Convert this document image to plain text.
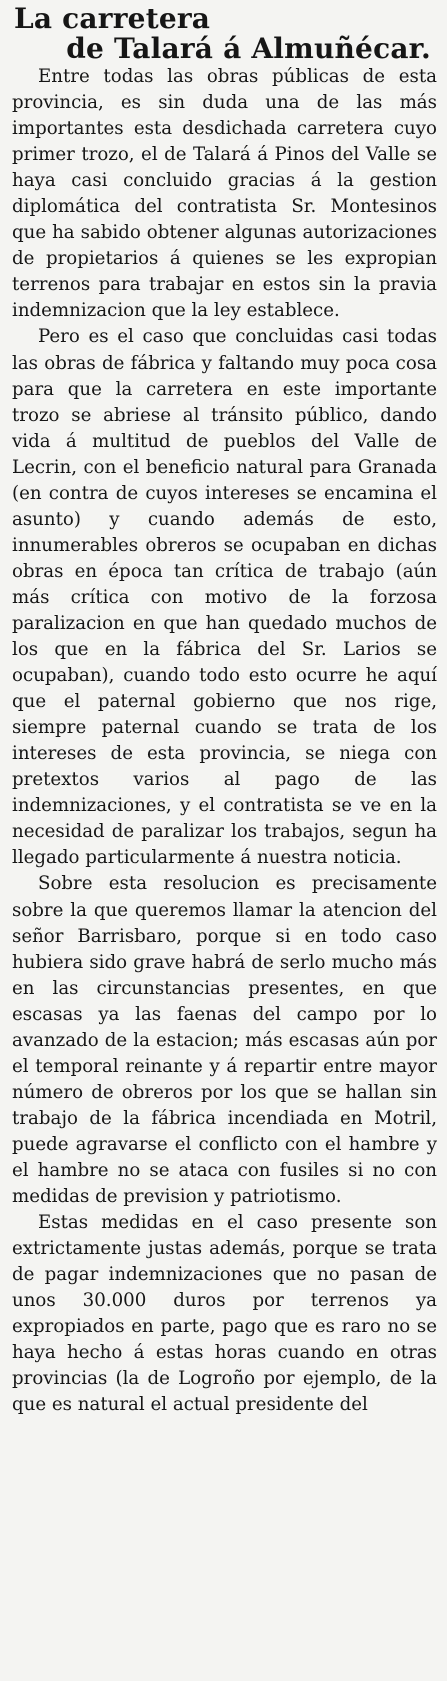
La carretera
de Talará á Almuñécar.

Entre todas las obras públicas de esta provincia, es sin duda una de las más importantes esta desdichada carretera cuyo primer trozo, el de Talará á Pinos del Valle se haya casi concluido gracias á la gestion diplomática del contratista Sr. Montesinos que ha sabido obtener algunas autorizaciones de propietarios á quienes se les expropian terrenos para trabajar en estos sin la pravia indemnizacion que la ley establece.

Pero es el caso que concluidas casi todas las obras de fábrica y faltando muy poca cosa para que la carretera en este importante trozo se abriese al tránsito público, dando vida á multitud de pueblos del Valle de Lecrin, con el beneficio natural para Granada (en contra de cuyos intereses se encamina el asunto) y cuando además de esto, innumerables obreros se ocupaban en dichas obras en época tan crítica de trabajo (aún más crítica con motivo de la forzosa paralizacion en que han quedado muchos de los que en la fábrica del Sr. Larios se ocupaban), cuando todo esto ocurre he aquí que el paternal gobierno que nos rige, siempre paternal cuando se trata de los intereses de esta provincia, se niega con pretextos varios al pago de las indemnizaciones, y el contratista se ve en la necesidad de paralizar los trabajos, segun ha llegado particularmente á nuestra noticia.

Sobre esta resolucion es precisamente sobre la que queremos llamar la atencion del señor Barrisbaro, porque si en todo caso hubiera sido grave habrá de serlo mucho más en las circunstancias presentes, en que escasas ya las faenas del campo por lo avanzado de la estacion; más escasas aún por el temporal reinante y á repartir entre mayor número de obreros por los que se hallan sin trabajo de la fábrica incendiada en Motril, puede agravarse el conflicto con el hambre y el hambre no se ataca con fusiles si no con medidas de prevision y patriotismo.

Estas medidas en el caso presente son extrictamente justas además, porque se trata de pagar indemnizaciones que no pasan de unos 30.000 duros por terrenos ya expropiados en parte, pago que es raro no se haya hecho á estas horas cuando en otras provincias (la de Logroño por ejemplo, de la que es natural el actual presidente del
